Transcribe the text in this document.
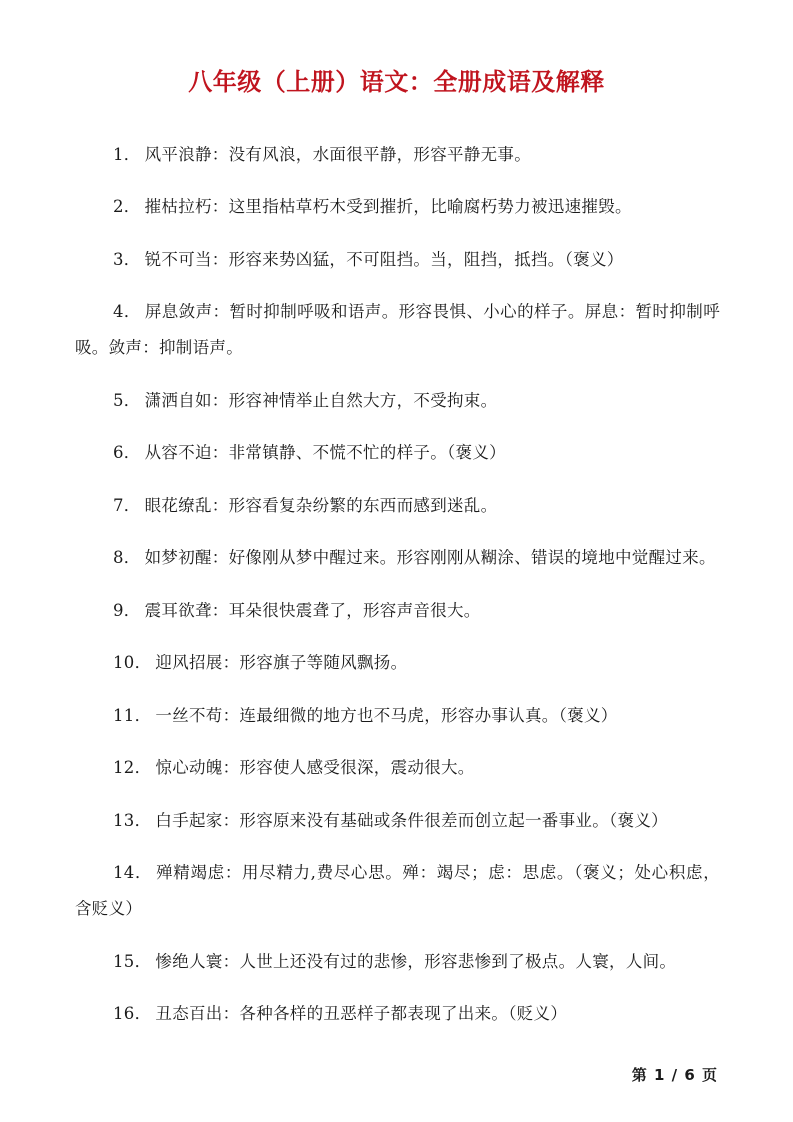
八年级（上册）语文：全册成语及解释

1． 风平浪静：没有风浪，水面很平静，形容平静无事。

2． 摧枯拉朽：这里指枯草朽木受到摧折，比喻腐朽势力被迅速摧毁。

3． 锐不可当：形容来势凶猛，不可阻挡。当，阻挡，抵挡。（褒义）

4． 屏息敛声：暂时抑制呼吸和语声。形容畏惧、小心的样子。屏息：暂时抑制呼吸。敛声：抑制语声。

5． 潇洒自如：形容神情举止自然大方，不受拘束。

6． 从容不迫：非常镇静、不慌不忙的样子。（褒义）

7． 眼花缭乱：形容看复杂纷繁的东西而感到迷乱。

8． 如梦初醒：好像刚从梦中醒过来。形容刚刚从糊涂、错误的境地中觉醒过来。

9． 震耳欲聋：耳朵很快震聋了，形容声音很大。

10． 迎风招展：形容旗子等随风飘扬。

11． 一丝不苟：连最细微的地方也不马虎，形容办事认真。（褒义）

12． 惊心动魄：形容使人感受很深，震动很大。

13． 白手起家：形容原来没有基础或条件很差而创立起一番事业。（褒义）

14． 殚精竭虑：用尽精力,费尽心思。殚：竭尽；虑：思虑。（褒义；处心积虑，含贬义）

15． 惨绝人寰：人世上还没有过的悲惨，形容悲惨到了极点。人寰，人间。

16． 丑态百出：各种各样的丑恶样子都表现了出来。（贬义）

第 1 / 6 页
